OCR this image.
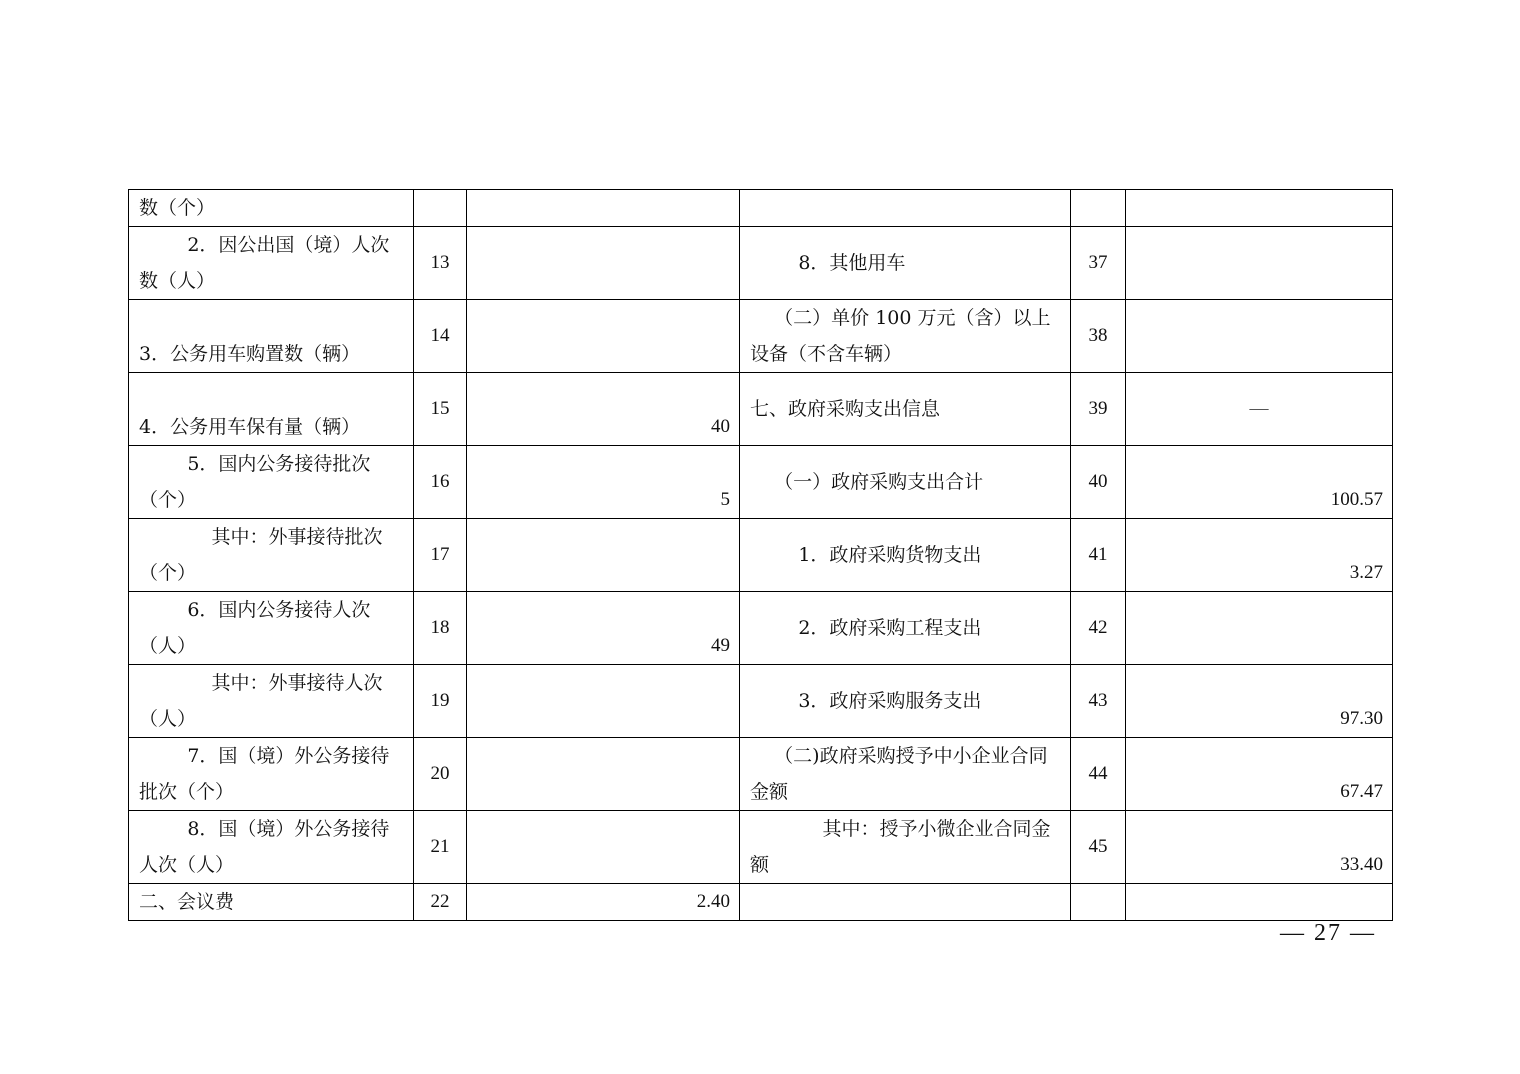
数（个）					
2．因公出国（境）人次数（人）	13		8．其他用车	37	
3．公务用车购置数（辆）	14		（二）单价 100 万元（含）以上设备（不含车辆）	38	
4．公务用车保有量（辆）	15	40	七、政府采购支出信息	39	—
5．国内公务接待批次（个）	16	5	（一）政府采购支出合计	40	100.57
其中：外事接待批次（个）	17		1．政府采购货物支出	41	3.27
6．国内公务接待人次（人）	18	49	2．政府采购工程支出	42	
其中：外事接待人次（人）	19		3．政府采购服务支出	43	97.30
7．国（境）外公务接待批次（个）	20		（二)政府采购授予中小企业合同金额	44	67.47
8．国（境）外公务接待人次（人）	21		其中：授予小微企业合同金额	45	33.40
二、会议费	22	2.40			
— 27 —
